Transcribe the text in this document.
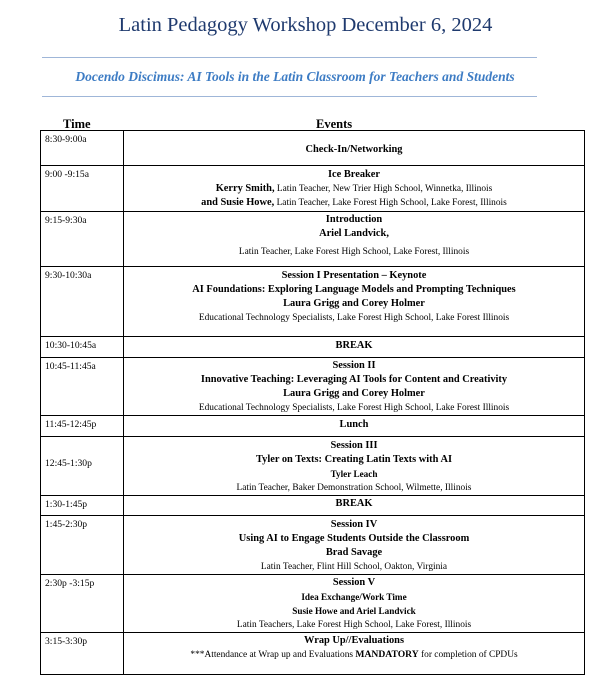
Latin Pedagogy Workshop December 6, 2024
Docendo Discimus: AI Tools in the Latin Classroom for Teachers and Students
Time	Events
8:30-9:00a	Check-In/Networking

9:00 -9:15a	Ice Breaker
Kerry Smith, Latin Teacher, New Trier High School, Winnetka, Illinois
and Susie Howe, Latin Teacher, Lake Forest High School, Lake Forest, Illinois

9:15-9:30a	Introduction
Ariel Landvick,
Latin Teacher, Lake Forest High School, Lake Forest, Illinois

9:30-10:30a	Session I Presentation – Keynote
AI Foundations: Exploring Language Models and Prompting Techniques
Laura Grigg and Corey Holmer
Educational Technology Specialists, Lake Forest High School, Lake Forest Illinois

10:30-10:45a	BREAK

10:45-11:45a	Session II
Innovative Teaching: Leveraging AI Tools for Content and Creativity
Laura Grigg and Corey Holmer
Educational Technology Specialists, Lake Forest High School, Lake Forest Illinois

11:45-12:45p	Lunch

12:45-1:30p	Session III
Tyler on Texts: Creating Latin Texts with AI
Tyler Leach
Latin Teacher, Baker Demonstration School, Wilmette, Illinois

1:30-1:45p	BREAK

1:45-2:30p	Session IV
Using AI to Engage Students Outside the Classroom
Brad Savage
Latin Teacher, Flint Hill School, Oakton, Virginia

2:30p -3:15p	Session V
Idea Exchange/Work Time
Susie Howe and Ariel Landvick
Latin Teachers, Lake Forest High School, Lake Forest, Illinois

3:15-3:30p	Wrap Up//Evaluations
***Attendance at Wrap up and Evaluations MANDATORY for completion of CPDUs
